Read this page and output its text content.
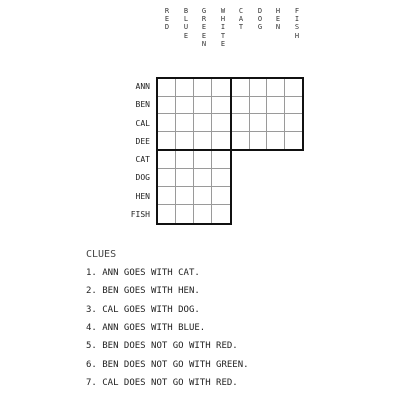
R
E
D
B
L
U
E
G
R
E
E
N
W
H
I
T
E
C
A
T
D
O
G
H
E
N
F
I
S
H
ANN
BEN
CAL
DEE
CAT
DOG
HEN
FISH
CLUES
1. ANN GOES WITH CAT.
2. BEN GOES WITH HEN.
3. CAL GOES WITH DOG.
4. ANN GOES WITH BLUE.
5. BEN DOES NOT GO WITH RED.
6. BEN DOES NOT GO WITH GREEN.
7. CAL DOES NOT GO WITH RED.
